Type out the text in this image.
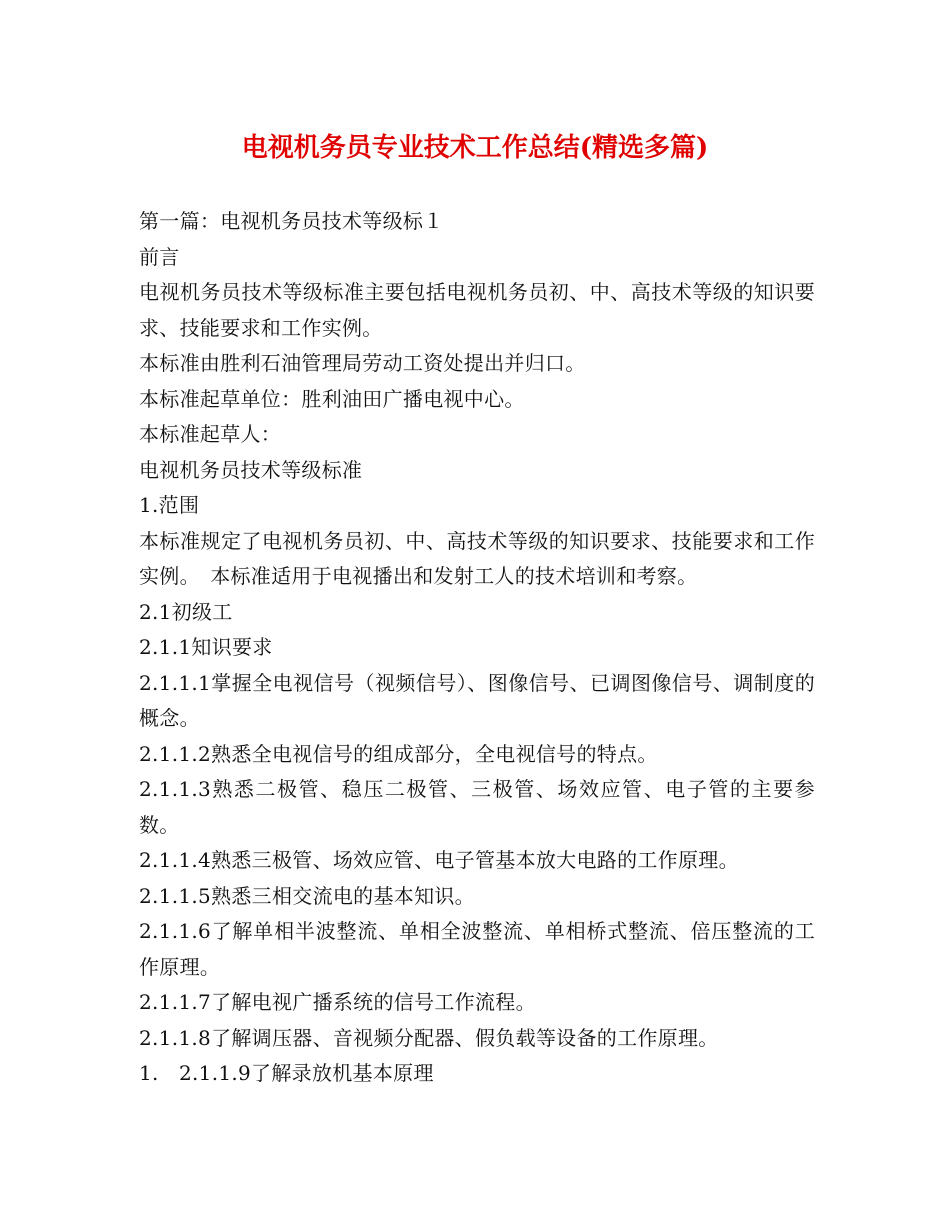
电视机务员专业技术工作总结(精选多篇)

第一篇：电视机务员技术等级标１

前言

电视机务员技术等级标准主要包括电视机务员初、中、高技术等级的知识要求、技能要求和工作实例。

本标准由胜利石油管理局劳动工资处提出并归口。

本标准起草单位：胜利油田广播电视中心。

本标准起草人：

电视机务员技术等级标准

1.范围

本标准规定了电视机务员初、中、高技术等级的知识要求、技能要求和工作实例。　本标准适用于电视播出和发射工人的技术培训和考察。

2.1初级工

2.1.1知识要求

2.1.1.1掌握全电视信号（视频信号）、图像信号、已调图像信号、调制度的概念。

2.1.1.2熟悉全电视信号的组成部分，全电视信号的特点。

2.1.1.3熟悉二极管、稳压二极管、三极管、场效应管、电子管的主要参数。

2.1.1.4熟悉三极管、场效应管、电子管基本放大电路的工作原理。

2.1.1.5熟悉三相交流电的基本知识。

2.1.1.6了解单相半波整流、单相全波整流、单相桥式整流、倍压整流的工作原理。

2.1.1.7了解电视广播系统的信号工作流程。

2.1.1.8了解调压器、音视频分配器、假负载等设备的工作原理。

1.　2.1.1.9了解录放机基本原理
